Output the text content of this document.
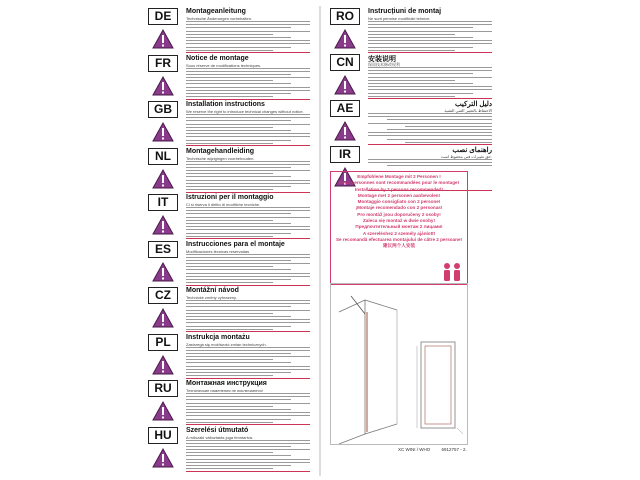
DE	Montageanleitung
Technische Änderungen vorbehalten.
FR	Notice de montage
Sous réserve de modifications techniques.
GB	Installation instructions
We reserve the right to introduce technical changes without notice.
NL	Montagehandleiding
Technische wijzigingen voorbehouden.
IT	Istruzioni per il montaggio
Ci si riserva il diritto di modifiche tecniche.
ES	Instrucciones para el montaje
Modificaciones técnicas reservadas
CZ	Montážní návod
Technické změny vyhrazeny.
PL	Instrukcja montażu
Zastrzega się możliwość zmian technicznych.
RU	Монтажная инструкция
Технические изменения не исключаются!
HU	Szerelési útmutató
A műszaki változtatás joga fenntartva.
RO	Instrucțiuni de montaj
Ne sunt permise modificări tehnice.
CN	安装说明
保留技术修改权利
AE	دليل التركيب
الاحتفاظ بالتغيير الفنى التقنية
IR	راهنمای نصب
حق تغییرات فنی محفوظ است.
Empfohlene Montage mit 2 Personen !
Deux personnes sont recommandées pour le montage!
Installation by 2 persons recommended!
Montage met 2 personen aanbevolen!
Montaggio consigliato con 2 persone!
¡Montaje recomendado con 2 personas!
Pro montáž jsou doporučeny 2 osoby!
Zaleca się montaż w dwie osoby!
Предпочтительный монтаж 2 лицами!
A szereléshez 2 személy ajánlott!
Se recomandă efectuarea montajului de către 2 persoane!
建议两个人安装
XC WINI / WHO	6912757 - 2.
